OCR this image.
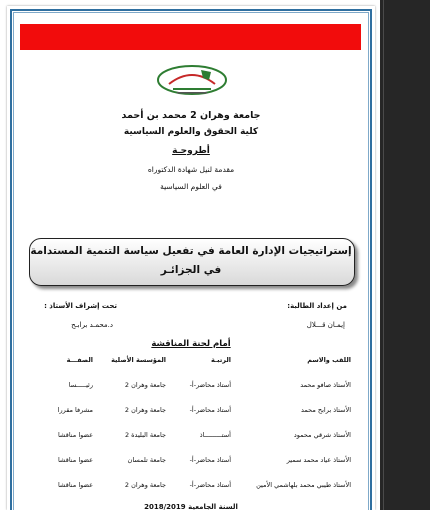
جامعة وهران 2 محمد بن أحمد
كلية الحقوق والعلوم السياسية
أطروحـة
مقدمة لنيل شهادة الدكتوراه
في العلوم السياسية
إستراتيجيات الإدارة العامة في تفعيل سياسة التنمية المستدامة
في الجزائـر
من إعداد الطالبة:
تحت إشراف الأستاذ :
إيمـان قـــلال
د.محمـد برابـح
أمام لجنة المناقشة
اللقب والاسم
الرتبـة
المؤسسة الأصلية
الصفـــة
الأستاذ صافو محمد
أستاذ محاضر-أ-
جامعة وهران 2
رئيـــــسا
الأستاذ برابح محمد
أستاذ محاضر-أ-
جامعة وهران 2
مشرفا مقررا
الأستاذ شرقي محمود
أستـــــــــاذ
جامعة البليدة 2
عضوا مناقشا
الأستاذ عياد محمد سمير
أستاذ محاضر-أ-
جامعة تلمسان
عضوا مناقشا
الأستاذ طيبي محمد بلهاشمي الأمين
أستاذ محاضر-أ-
جامعة وهران 2
عضوا مناقشا
السنة الجامعية 2018/2019
